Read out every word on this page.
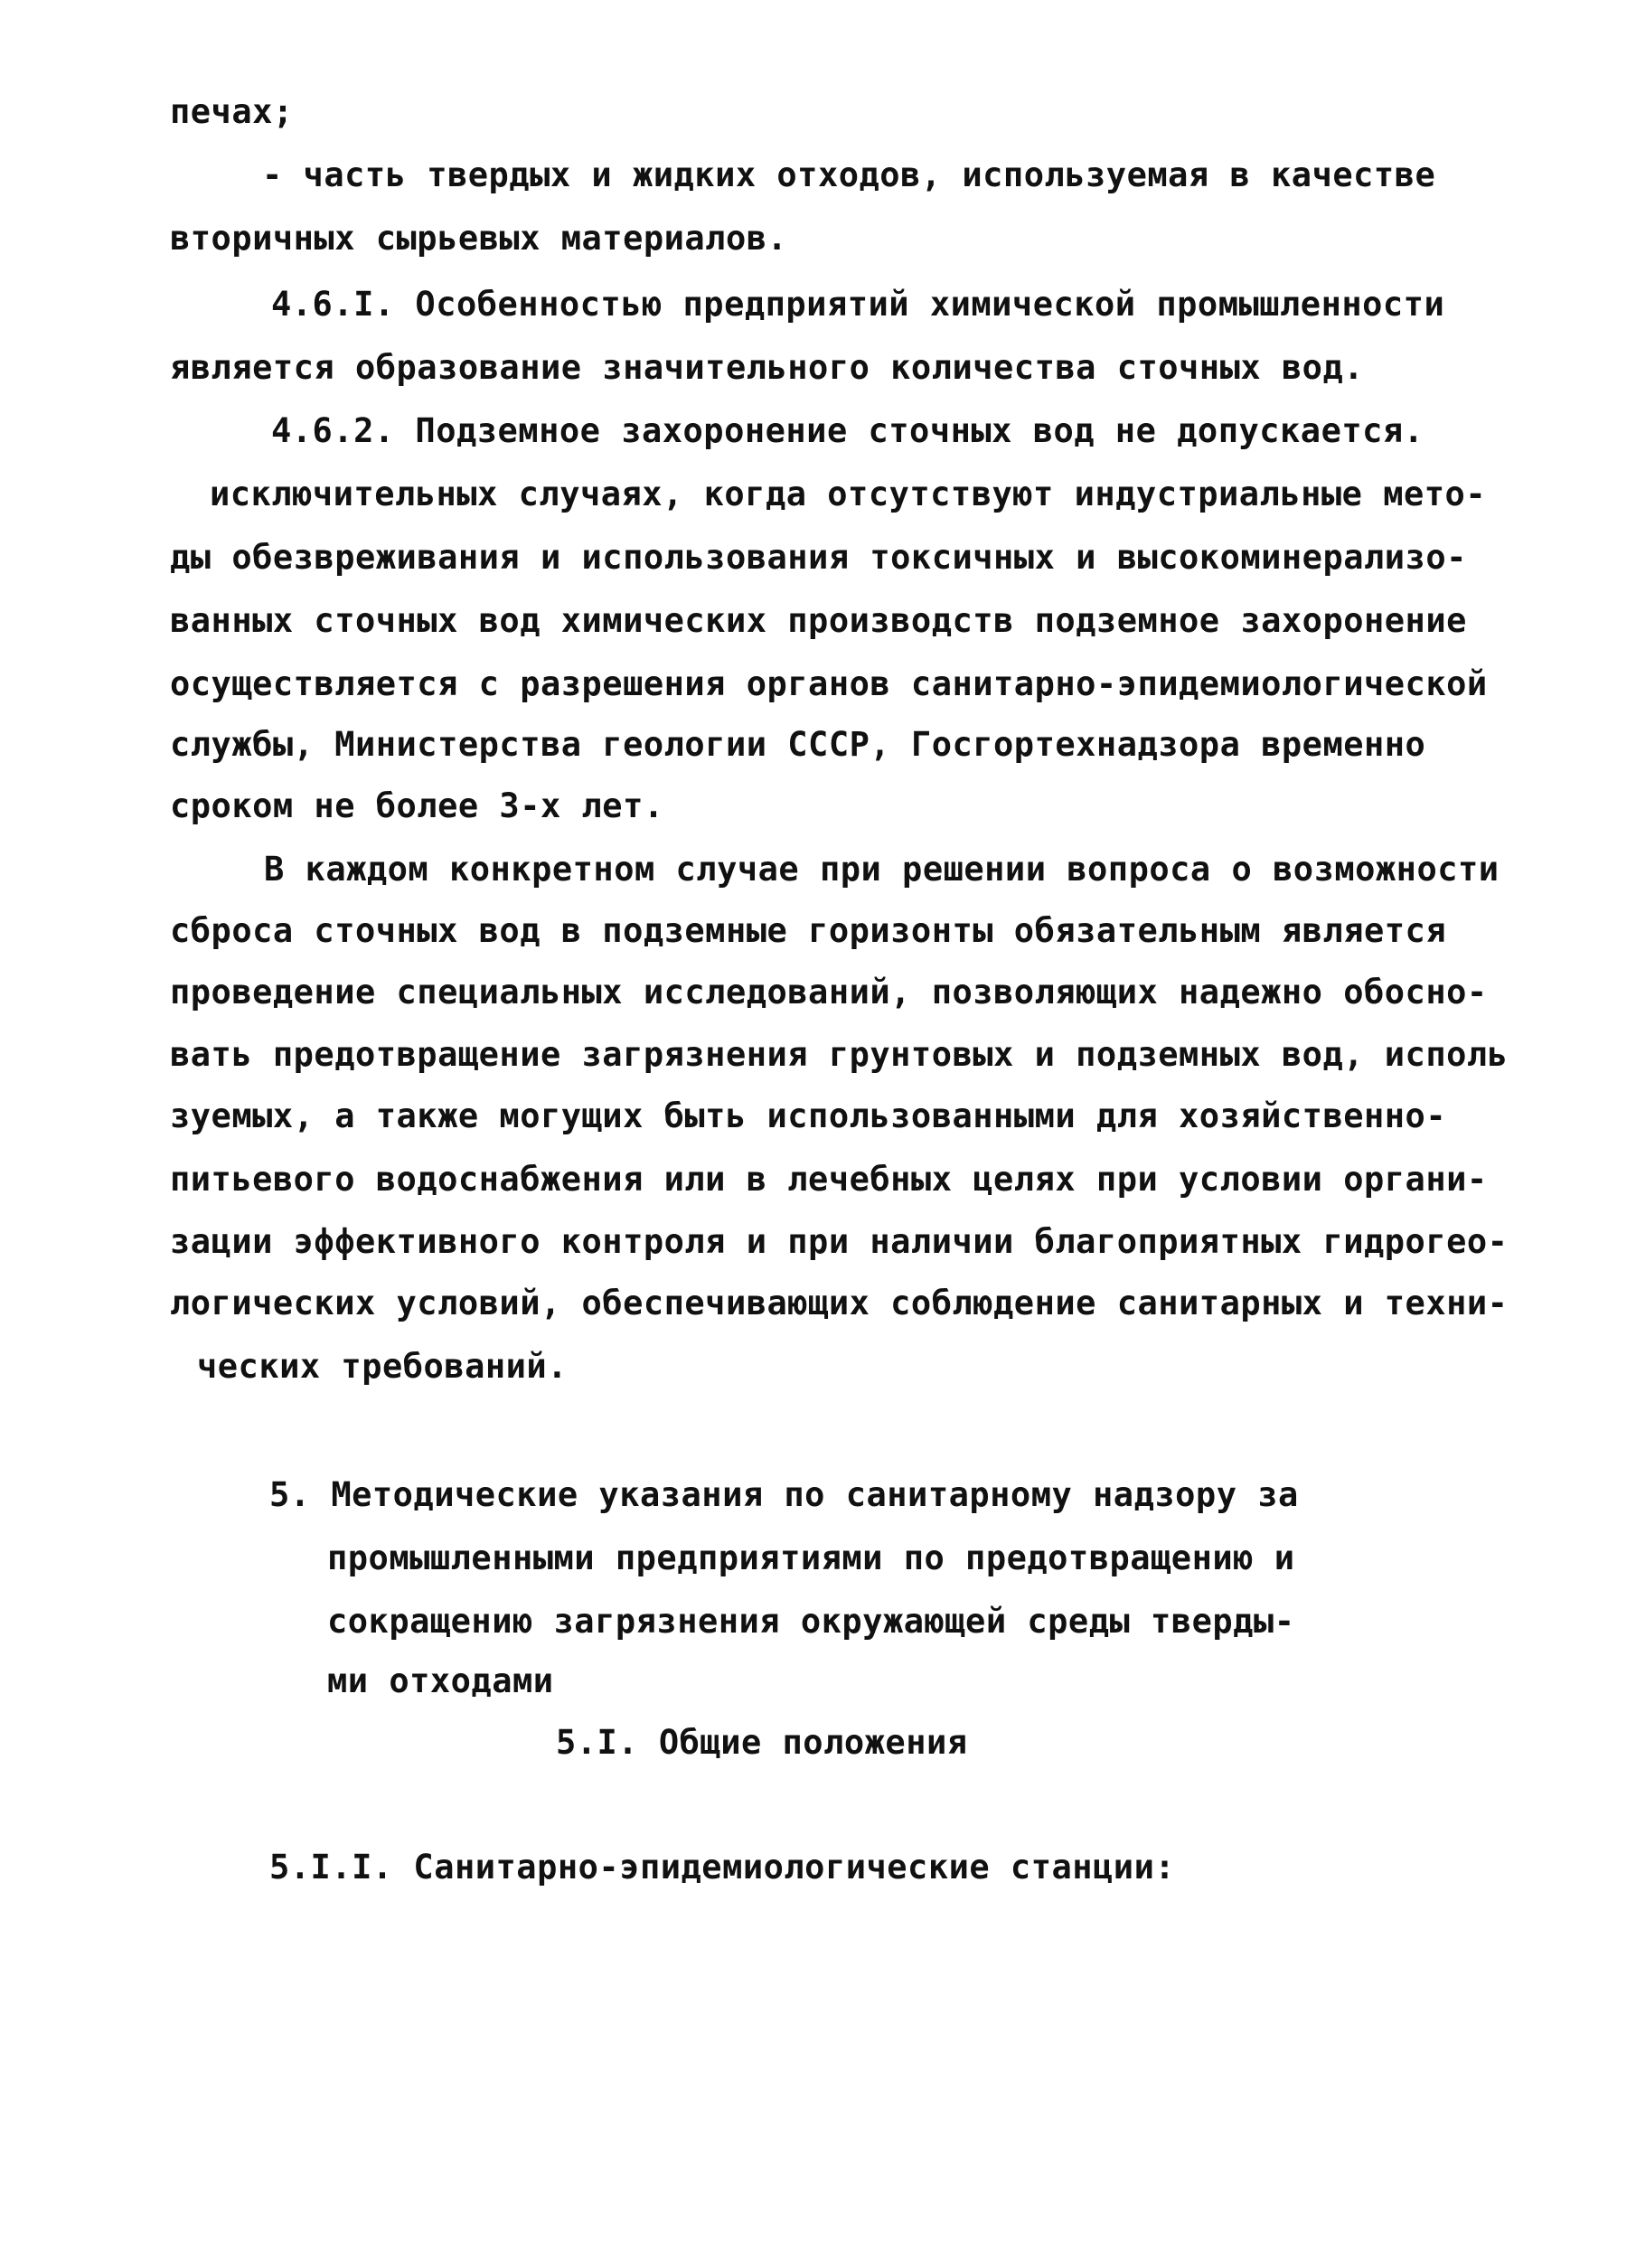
печах;
- часть твердых и жидких отходов, используемая в качестве
вторичных сырьевых материалов.
4.6.I. Особенностью предприятий химической промышленности
является образование значительного количества сточных вод.
4.6.2. Подземное захоронение сточных вод не допускается.
исключительных случаях, когда отсутствуют индустриальные мето-
ды обезвреживания и использования токсичных и высокоминерализо-
ванных сточных вод химических производств подземное захоронение
осуществляется с разрешения органов санитарно-эпидемиологической
службы, Министерства геологии СССР, Госгортехнадзора временно
сроком не более 3-х лет.
В каждом конкретном случае при решении вопроса о возможности
сброса сточных вод в подземные горизонты обязательным является
проведение специальных исследований, позволяющих надежно обосно-
вать предотвращение загрязнения грунтовых и подземных вод, исполь
зуемых, а также могущих быть использованными для хозяйственно-
питьевого водоснабжения или в лечебных целях при условии органи-
зации эффективного контроля и при наличии благоприятных гидрогео-
логических условий, обеспечивающих соблюдение санитарных и техни-
ческих требований.
5. Методические указания по санитарному надзору за
промышленными предприятиями по предотвращению и
сокращению загрязнения окружающей среды тверды-
ми отходами
5.I. Общие положения
5.I.I. Санитарно-эпидемиологические станции:
